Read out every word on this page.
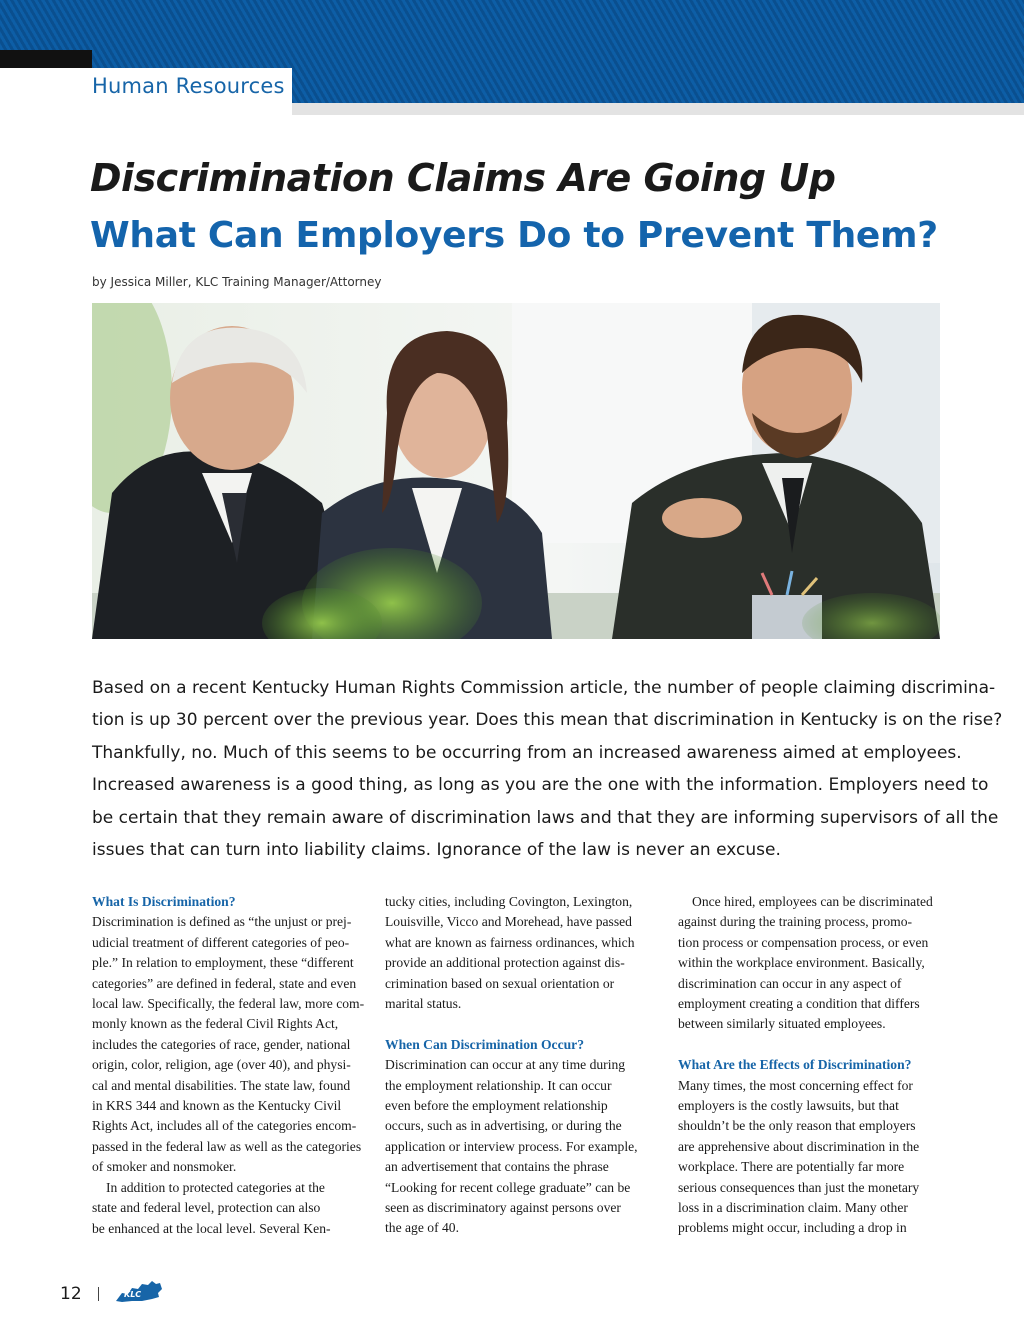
Human Resources
Discrimination Claims Are Going Up
What Can Employers Do to Prevent Them?
by Jessica Miller, KLC Training Manager/Attorney
Based on a recent Kentucky Human Rights Commission article, the number of people claiming discrimina-
tion is up 30 percent over the previous year. Does this mean that discrimination in Kentucky is on the rise?
Thankfully, no. Much of this seems to be occurring from an increased awareness aimed at employees.
Increased awareness is a good thing, as long as you are the one with the information. Employers need to
be certain that they remain aware of discrimination laws and that they are informing supervisors of all the
issues that can turn into liability claims. Ignorance of the law is never an excuse.
What Is Discrimination?
Discrimination is defined as “the unjust or prej-
udicial treatment of different categories of peo-
ple.” In relation to employment, these “different
categories” are defined in federal, state and even
local law. Specifically, the federal law, more com-
monly known as the federal Civil Rights Act,
includes the categories of race, gender, national
origin, color, religion, age (over 40), and physi-
cal and mental disabilities. The state law, found
in KRS 344 and known as the Kentucky Civil
Rights Act, includes all of the categories encom-
passed in the federal law as well as the categories
of smoker and nonsmoker.
In addition to protected categories at the
state and federal level, protection can also
be enhanced at the local level. Several Ken-
tucky cities, including Covington, Lexington,
Louisville, Vicco and Morehead, have passed
what are known as fairness ordinances, which
provide an additional protection against dis-
crimination based on sexual orientation or
marital status.
When Can Discrimination Occur?
Discrimination can occur at any time during
the employment relationship. It can occur
even before the employment relationship
occurs, such as in advertising, or during the
application or interview process. For example,
an advertisement that contains the phrase
“Looking for recent college graduate” can be
seen as discriminatory against persons over
the age of 40.
Once hired, employees can be discriminated
against during the training process, promo-
tion process or compensation process, or even
within the workplace environment. Basically,
discrimination can occur in any aspect of
employment creating a condition that differs
between similarly situated employees.
What Are the Effects of Discrimination?
Many times, the most concerning effect for
employers is the costly lawsuits, but that
shouldn’t be the only reason that employers
are apprehensive about discrimination in the
workplace. There are potentially far more
serious consequences than just the monetary
loss in a discrimination claim. Many other
problems might occur, including a drop in
12	KLC
